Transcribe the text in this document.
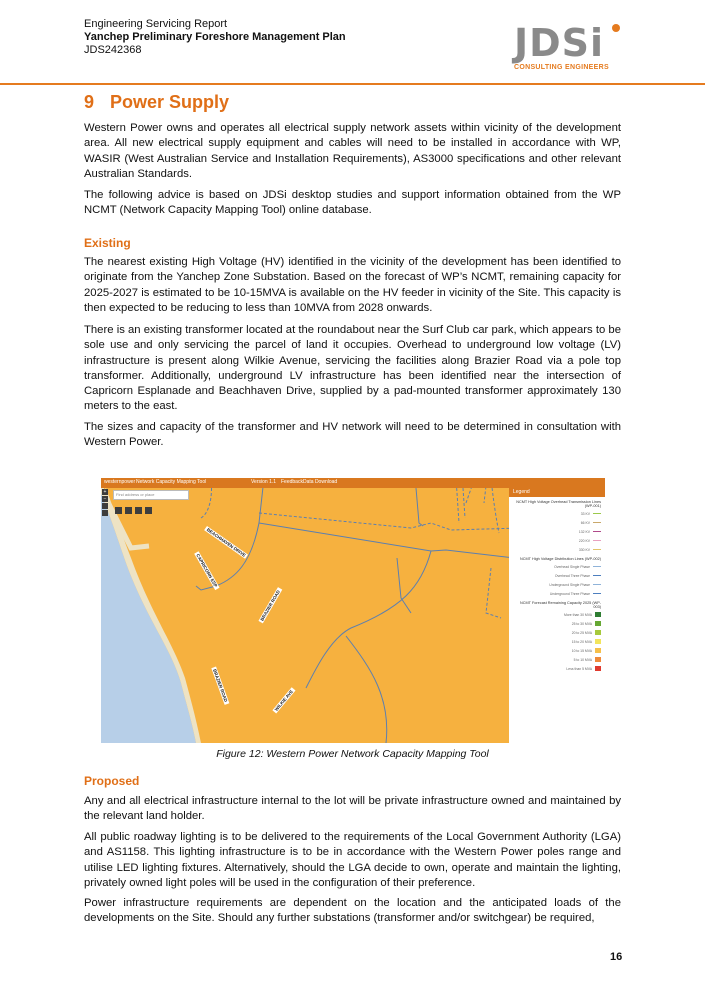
Engineering Servicing Report
Yanchep Preliminary Foreshore Management Plan
JDS242368	JDSi
CONSULTING ENGINEERS
9 Power Supply
Western Power owns and operates all electrical supply network assets within vicinity of the development area. All new electrical supply equipment and cables will need to be installed in accordance with WP, WASIR (West Australian Service and Installation Requirements), AS3000 specifications and other relevant Australian Standards.
The following advice is based on JDSi desktop studies and support information obtained from the WP NCMT (Network Capacity Mapping Tool) online database.
Existing
The nearest existing High Voltage (HV) identified in the vicinity of the development has been identified to originate from the Yanchep Zone Substation. Based on the forecast of WP’s NCMT, remaining capacity for 2025-2027 is estimated to be 10-15MVA is available on the HV feeder in vicinity of the Site. This capacity is then expected to be reducing to less than 10MVA from 2028 onwards.
There is an existing transformer located at the roundabout near the Surf Club car park, which appears to be sole use and only servicing the parcel of land it occupies. Overhead to underground low voltage (LV) infrastructure is present along Wilkie Avenue, servicing the facilities along Brazier Road via a pole top transformer. Additionally, underground LV infrastructure has been identified near the intersection of Capricorn Esplanade and Beachhaven Drive, supplied by a pad-mounted transformer approximately 130 meters to the east.
The sizes and capacity of the transformer and HV network will need to be determined in consultation with Western Power.
westernpower Network Capacity Mapping Tool	Version 1.1 Feedback Data Download
+
−
Find address or place
BEACHHAVEN DRIVE
CAPRICORN ESP
BRAZIER ROAD
BRAZIER ROAD	WILKIE AVE
Legend
NCMT High Voltage Overhead Transmission Lines (WP-001)
33 KV
66 KV
132 KV
220 KV
330 KV
NCMT High Voltage Distribution Lines (WP-002)
Overhead Single Phase
Overhead Three Phase
Underground Single Phase
Underground Three Phase
NCMT Forecast Remaining Capacity 2025 (WP-003)
More than 30 MVA
25 to 30 MVA
20 to 25 MVA
15 to 20 MVA
10 to 15 MVA
5 to 10 MVA
Less than 5 MVA
Figure 12: Western Power Network Capacity Mapping Tool
Proposed
Any and all electrical infrastructure internal to the lot will be private infrastructure owned and maintained by the relevant land holder.
All public roadway lighting is to be delivered to the requirements of the Local Government Authority (LGA) and AS1158. This lighting infrastructure is to be in accordance with the Western Power poles range and utilise LED lighting fixtures. Alternatively, should the LGA decide to own, operate and maintain the lighting, privately owned light poles will be used in the configuration of their preference.
Power infrastructure requirements are dependent on the location and the anticipated loads of the developments on the Site. Should any further substations (transformer and/or switchgear) be required,
16
